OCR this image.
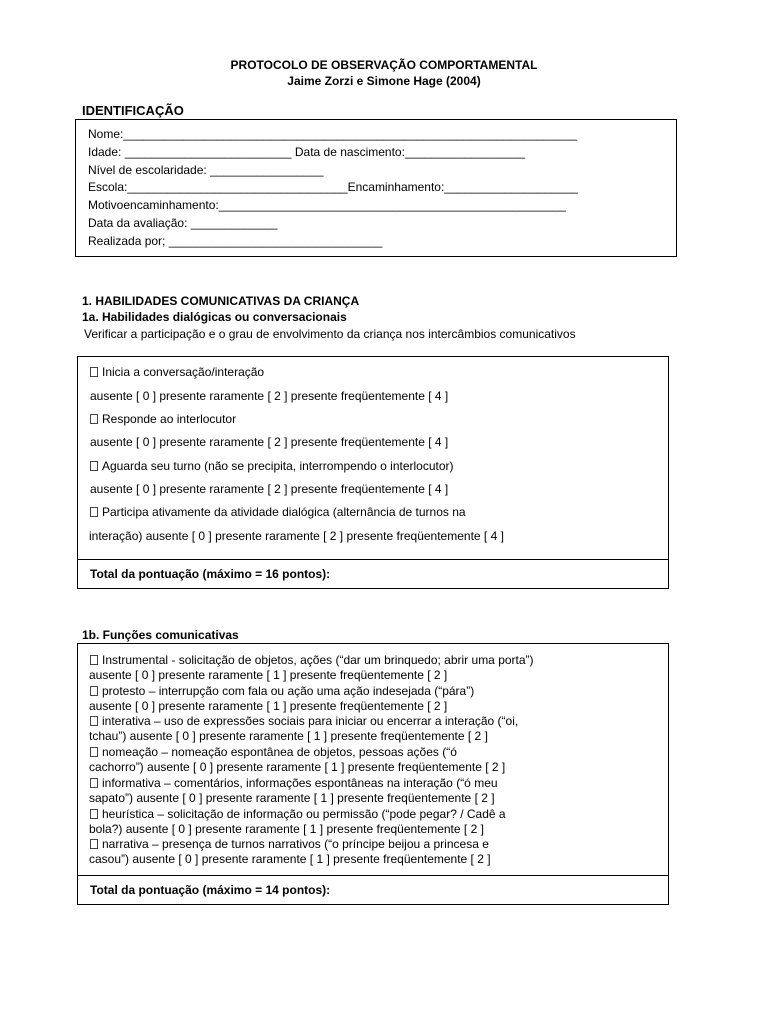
PROTOCOLO DE OBSERVAÇÃO COMPORTAMENTAL
Jaime Zorzi e Simone Hage (2004)
IDENTIFICAÇÃO
Nome:____________________________________________________________________
Idade: _________________________ Data de nascimento:__________________
Nível de escolaridade: _________________
Escola:_________________________________Encaminhamento:____________________
Motivoencaminhamento:____________________________________________________
Data da avaliação: _____________
Realizada por; ________________________________
1. HABILIDADES COMUNICATIVAS DA CRIANÇA
1a. Habilidades dialógicas ou conversacionais
Verificar a participação e o grau de envolvimento da criança nos intercâmbios comunicativos
Inicia a conversação/interação
ausente [ 0 ] presente raramente [ 2 ] presente freqüentemente [ 4 ]
Responde ao interlocutor
ausente [ 0 ] presente raramente [ 2 ] presente freqüentemente [ 4 ]
Aguarda seu turno (não se precipita, interrompendo o interlocutor)
ausente [ 0 ] presente raramente [ 2 ] presente freqüentemente [ 4 ]
Participa ativamente da atividade dialógica (alternância de turnos na
interação) ausente [ 0 ] presente raramente [ 2 ] presente freqüentemente [ 4 ]
Total da pontuação (máximo = 16 pontos):
1b. Funções comunicativas
Instrumental - solicitação de objetos, ações (“dar um brinquedo; abrir uma porta”)
ausente [ 0 ] presente raramente [ 1 ] presente freqüentemente [ 2 ]
protesto – interrupção com fala ou ação uma ação indesejada (“pára”)
ausente [ 0 ] presente raramente [ 1 ] presente freqüentemente [ 2 ]
interativa – uso de expressões sociais para iniciar ou encerrar a interação (“oi,
tchau”) ausente [ 0 ] presente raramente [ 1 ] presente freqüentemente [ 2 ]
nomeação – nomeação espontânea de objetos, pessoas ações (“ó
cachorro”) ausente [ 0 ] presente raramente [ 1 ] presente freqüentemente [ 2 ]
informativa – comentários, informações espontâneas na interação (“ó meu
sapato”) ausente [ 0 ] presente raramente [ 1 ] presente freqüentemente [ 2 ]
heurística – solicitação de informação ou permissão (“pode pegar? / Cadê a
bola?) ausente [ 0 ] presente raramente [ 1 ] presente freqüentemente [ 2 ]
narrativa – presença de turnos narrativos (“o príncipe beijou a princesa e
casou”) ausente [ 0 ] presente raramente [ 1 ] presente freqüentemente [ 2 ]
Total da pontuação (máximo = 14 pontos):
